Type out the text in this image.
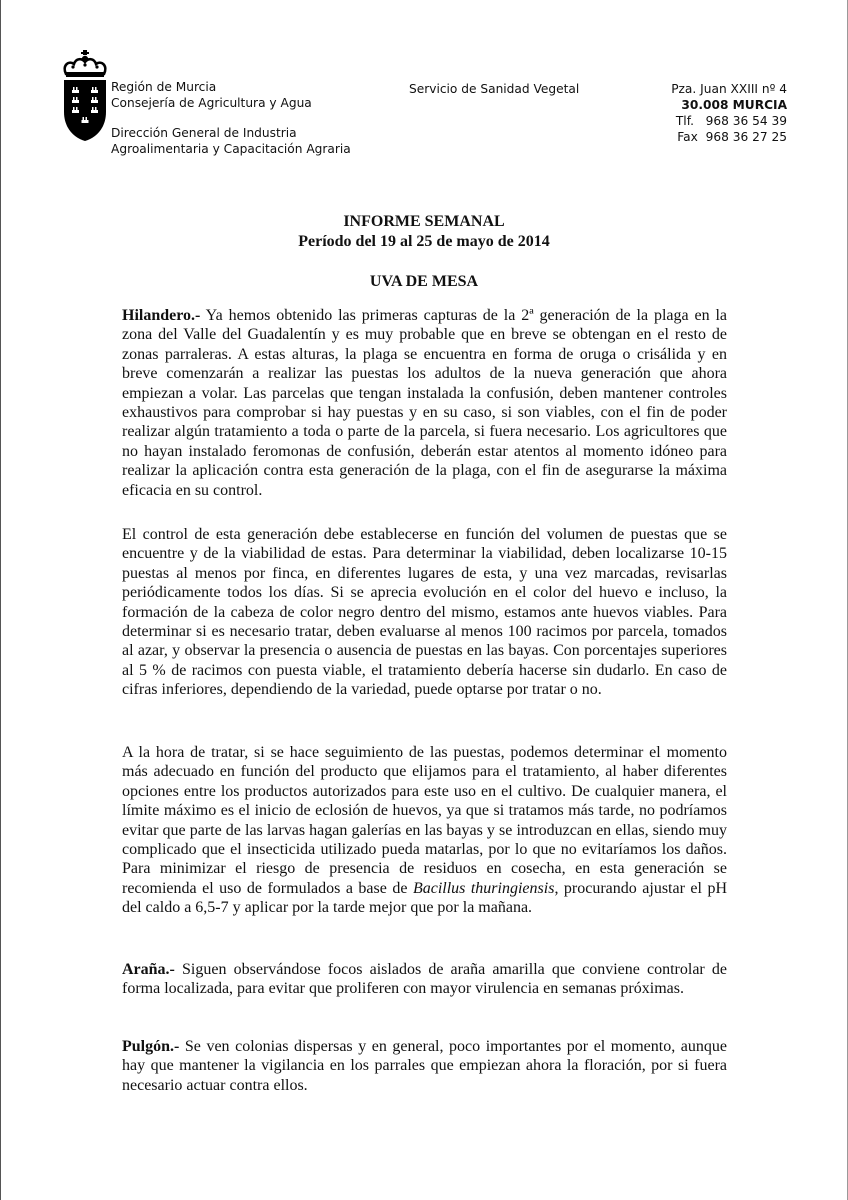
Región de Murcia
Consejería de Agricultura y Agua
Dirección General de Industria
Agroalimentaria y Capacitación Agraria
Servicio de Sanidad Vegetal	Pza. Juan XXIII nº 4
30.008 MURCIA
Tlf.   968 36 54 39
Fax  968 36 27 25
INFORME SEMANAL
Período del 19 al 25 de mayo de 2014
UVA DE MESA
Hilandero.- Ya hemos obtenido las primeras capturas de la 2ª generación de la plaga en la zona del Valle del Guadalentín y es muy probable que en breve se obtengan en el resto de zonas parraleras. A estas alturas, la plaga se encuentra en forma de oruga o crisálida y en breve comenzarán a realizar las puestas los adultos de la nueva generación que ahora empiezan a volar. Las parcelas que tengan instalada la confusión, deben mantener controles exhaustivos para comprobar si hay puestas y en su caso, si son viables, con el fin de poder realizar algún tratamiento a toda o parte de la parcela, si fuera necesario. Los agricultores que no hayan instalado feromonas de confusión, deberán estar atentos al momento idóneo para realizar la aplicación contra esta generación de la plaga, con el fin de asegurarse la máxima eficacia en su control.
El control de esta generación debe establecerse en función del volumen de puestas que se encuentre y de la viabilidad de estas. Para determinar la viabilidad, deben localizarse 10-15 puestas al menos por finca, en diferentes lugares de esta, y una vez marcadas, revisarlas periódicamente todos los días. Si se aprecia evolución en el color del huevo e incluso, la formación de la cabeza de color negro dentro del mismo, estamos ante huevos viables. Para determinar si es necesario tratar, deben evaluarse al menos 100 racimos por parcela, tomados al azar, y observar la presencia o ausencia de puestas en las bayas. Con porcentajes superiores al 5 % de racimos con puesta viable, el tratamiento debería hacerse sin dudarlo. En caso de cifras inferiores, dependiendo de la variedad, puede optarse por tratar o no.
A la hora de tratar, si se hace seguimiento de las puestas, podemos determinar el momento más adecuado en función del producto que elijamos para el tratamiento, al haber diferentes opciones entre los productos autorizados para este uso en el cultivo. De cualquier manera, el límite máximo es el inicio de eclosión de huevos, ya que si tratamos más tarde, no podríamos evitar que parte de las larvas hagan galerías en las bayas y se introduzcan en ellas, siendo muy complicado que el insecticida utilizado pueda matarlas, por lo que no evitaríamos los daños. Para minimizar el riesgo de presencia de residuos en cosecha, en esta generación se recomienda el uso de formulados a base de Bacillus thuringiensis, procurando ajustar el pH del caldo a 6,5-7 y aplicar por la tarde mejor que por la mañana.
Araña.- Siguen observándose focos aislados de araña amarilla que conviene controlar de forma localizada, para evitar que proliferen con mayor virulencia en semanas próximas.
Pulgón.- Se ven colonias dispersas y en general, poco importantes por el momento, aunque hay que mantener la vigilancia en los parrales que empiezan ahora la floración, por si fuera necesario actuar contra ellos.
